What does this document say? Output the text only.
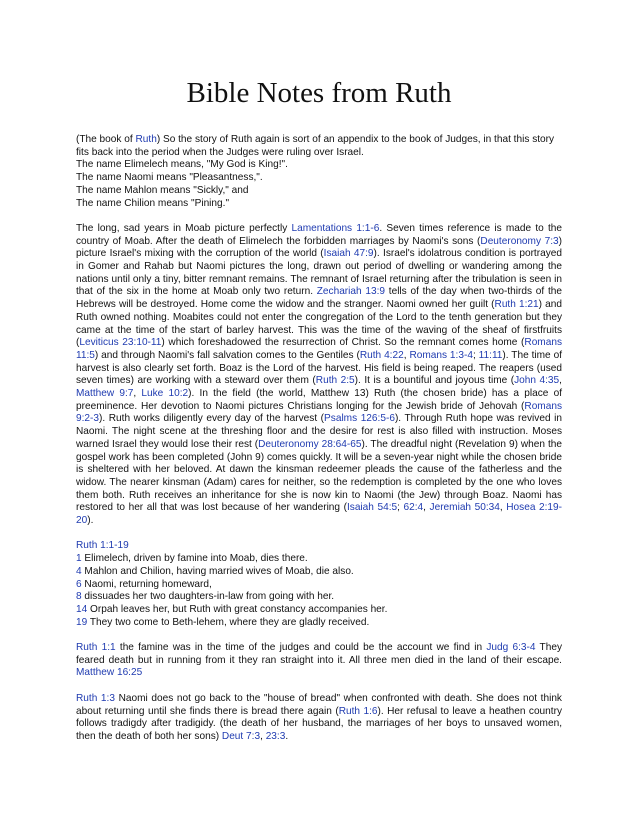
Bible Notes from Ruth

(The book of Ruth) So the story of Ruth again is sort of an appendix to the book of Judges, in that this story fits back into the period when the Judges were ruling over Israel.
The name Elimelech means, "My God is King!".
The name Naomi means "Pleasantness,".
The name Mahlon means "Sickly," and
The name Chilion means "Pining."

The long, sad years in Moab picture perfectly Lamentations 1:1-6. Seven times reference is made to the country of Moab. After the death of Elimelech the forbidden marriages by Naomi's sons (Deuteronomy 7:3) picture Israel's mixing with the corruption of the world (Isaiah 47:9). Israel's idolatrous condition is portrayed in Gomer and Rahab but Naomi pictures the long, drawn out period of dwelling or wandering among the nations until only a tiny, bitter remnant remains. The remnant of Israel returning after the tribulation is seen in that of the six in the home at Moab only two return. Zechariah 13:9 tells of the day when two-thirds of the Hebrews will be destroyed. Home come the widow and the stranger. Naomi owned her guilt (Ruth 1:21) and Ruth owned nothing. Moabites could not enter the congregation of the Lord to the tenth generation but they came at the time of the start of barley harvest. This was the time of the waving of the sheaf of firstfruits (Leviticus 23:10-11) which foreshadowed the resurrection of Christ. So the remnant comes home (Romans 11:5) and through Naomi's fall salvation comes to the Gentiles (Ruth 4:22, Romans 1:3-4; 11:11). The time of harvest is also clearly set forth. Boaz is the Lord of the harvest. His field is being reaped. The reapers (used seven times) are working with a steward over them (Ruth 2:5). It is a bountiful and joyous time (John 4:35, Matthew 9:7, Luke 10:2). In the field (the world, Matthew 13) Ruth (the chosen bride) has a place of preeminence. Her devotion to Naomi pictures Christians longing for the Jewish bride of Jehovah (Romans 9:2-3). Ruth works diligently every day of the harvest (Psalms 126:5-6). Through Ruth hope was revived in Naomi. The night scene at the threshing floor and the desire for rest is also filled with instruction. Moses warned Israel they would lose their rest (Deuteronomy 28:64-65). The dreadful night (Revelation 9) when the gospel work has been completed (John 9) comes quickly. It will be a seven-year night while the chosen bride is sheltered with her beloved. At dawn the kinsman redeemer pleads the cause of the fatherless and the widow. The nearer kinsman (Adam) cares for neither, so the redemption is completed by the one who loves them both. Ruth receives an inheritance for she is now kin to Naomi (the Jew) through Boaz. Naomi has restored to her all that was lost because of her wandering (Isaiah 54:5; 62:4, Jeremiah 50:34, Hosea 2:19-20).

Ruth 1:1-19
1 Elimelech, driven by famine into Moab, dies there.
4 Mahlon and Chilion, having married wives of Moab, die also.
6 Naomi, returning homeward,
8 dissuades her two daughters-in-law from going with her.
14 Orpah leaves her, but Ruth with great constancy accompanies her.
19 They two come to Beth-lehem, where they are gladly received.

Ruth 1:1 the famine was in the time of the judges and could be the account we find in Judg 6:3-4 They feared death but in running from it they ran straight into it. All three men died in the land of their escape. Matthew 16:25

Ruth 1:3 Naomi does not go back to the "house of bread" when confronted with death. She does not think about returning until she finds there is bread there again (Ruth 1:6). Her refusal to leave a heathen country follows tradigdy after tradigidy. (the death of her husband, the marriages of her boys to unsaved women, then the death of both her sons) Deut 7:3, 23:3.
